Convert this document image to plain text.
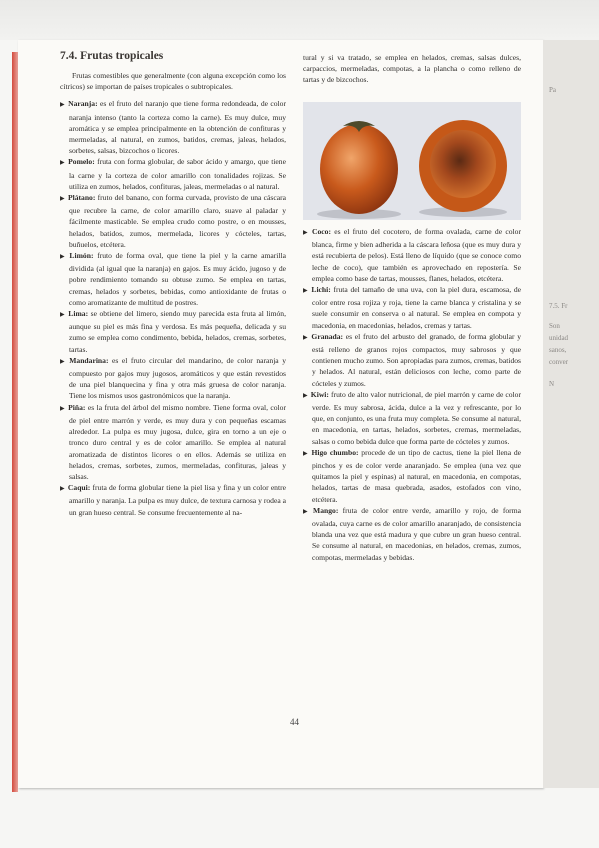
Pa
7.5. Fr
Son
unidad
sanos,
conver
N
7.4. Frutas tropicales

Frutas comestibles que generalmente (con alguna excepción como los cítricos) se importan de países tropicales o subtropicales.

▶ Naranja: es el fruto del naranjo que tiene forma redondeada, de color naranja intenso (tanto la corteza como la carne). Es muy dulce, muy aromática y se emplea principalmente en la obtención de confituras y mermeladas, al natural, en zumos, batidos, cremas, jaleas, helados, sorbetes, salsas, bizcochos o licores.

▶ Pomelo: fruta con forma globular, de sabor ácido y amargo, que tiene la carne y la corteza de color amarillo con tonalidades rojizas. Se utiliza en zumos, helados, confituras, jaleas, mermeladas o al natural.

▶ Plátano: fruto del banano, con forma curvada, provisto de una cáscara que recubre la carne, de color amarillo claro, suave al paladar y fácilmente masticable. Se emplea crudo como postre, o en mousses, helados, batidos, zumos, mermelada, licores y cócteles, tartas, buñuelos, etcétera.

▶ Limón: fruto de forma oval, que tiene la piel y la carne amarilla dividida (al igual que la naranja) en gajos. Es muy ácido, jugoso y de pobre rendimiento tomando su obtuse zumo. Se emplea en tartas, cremas, helados y sorbetes, bebidas, como antioxidante de frutas o como aromatizante de multitud de postres.

▶ Lima: se obtiene del limero, siendo muy parecida esta fruta al limón, aunque su piel es más fina y verdosa. Es más pequeña, delicada y su zumo se emplea como condimento, bebida, helados, cremas, sorbetes, tartas.

▶ Mandarina: es el fruto circular del mandarino, de color naranja y compuesto por gajos muy jugosos, aromáticos y que están revestidos de una piel blanquecina y fina y otra más gruesa de color naranja. Tiene los mismos usos gastronómicos que la naranja.

▶ Piña: es la fruta del árbol del mismo nombre. Tiene forma oval, color de piel entre marrón y verde, es muy dura y con pequeñas escamas alrededor. La pulpa es muy jugosa, dulce, gira en torno a un eje o tronco duro central y es de color amarillo. Se emplea al natural aromatizada de distintos licores o en ellos. Además se utiliza en helados, cremas, sorbetes, zumos, mermeladas, confituras, jaleas y salsas.

▶ Caqui: fruta de forma globular tiene la piel lisa y fina y un color entre amarillo y naranja. La pulpa es muy dulce, de textura carnosa y rodea a un gran hueso central. Se consume frecuentemente al na-

tural y si va tratado, se emplea en helados, cremas, salsas dulces, carpaccios, mermeladas, compotas, a la plancha o como relleno de tartas y de bizcochos.

▶ Coco: es el fruto del cocotero, de forma ovalada, carne de color blanca, firme y bien adherida a la cáscara leñosa (que es muy dura y está recubierta de pelos). Está lleno de líquido (que se conoce como leche de coco), que también es aprovechado en repostería. Se emplea como base de tartas, mousses, flanes, helados, etcétera.

▶ Lichi: fruta del tamaño de una uva, con la piel dura, escamosa, de color entre rosa rojiza y roja, tiene la carne blanca y cristalina y se suele consumir en conserva o al natural. Se emplea en compota y macedonia, en macedonias, helados, cremas y tartas.

▶ Granada: es el fruto del arbusto del granado, de forma globular y está relleno de granos rojos compactos, muy sabrosos y que contienen mucho zumo. Son apropiadas para zumos, cremas, batidos y helados. Al natural, están deliciosos con leche, como parte de cócteles y zumos.

▶ Kiwi: fruto de alto valor nutricional, de piel marrón y carne de color verde. Es muy sabrosa, ácida, dulce a la vez y refrescante, por lo que, en conjunto, es una fruta muy completa. Se consume al natural, en macedonia, en tartas, helados, sorbetes, cremas, mermeladas, salsas o como bebida dulce que forma parte de cócteles y zumos.

▶ Higo chumbo: procede de un tipo de cactus, tiene la piel llena de pinchos y es de color verde anaranjado. Se emplea (una vez que quitamos la piel y espinas) al natural, en macedonia, en compotas, helados, tartas de masa quebrada, asados, estofados con vino, etcétera.

▶ Mango: fruta de color entre verde, amarillo y rojo, de forma ovalada, cuya carne es de color amarillo anaranjado, de consistencia blanda una vez que está madura y que cubre un gran hueso central. Se consume al natural, en macedonias, en helados, cremas, zumos, compotas, mermeladas y bebidas.

44
